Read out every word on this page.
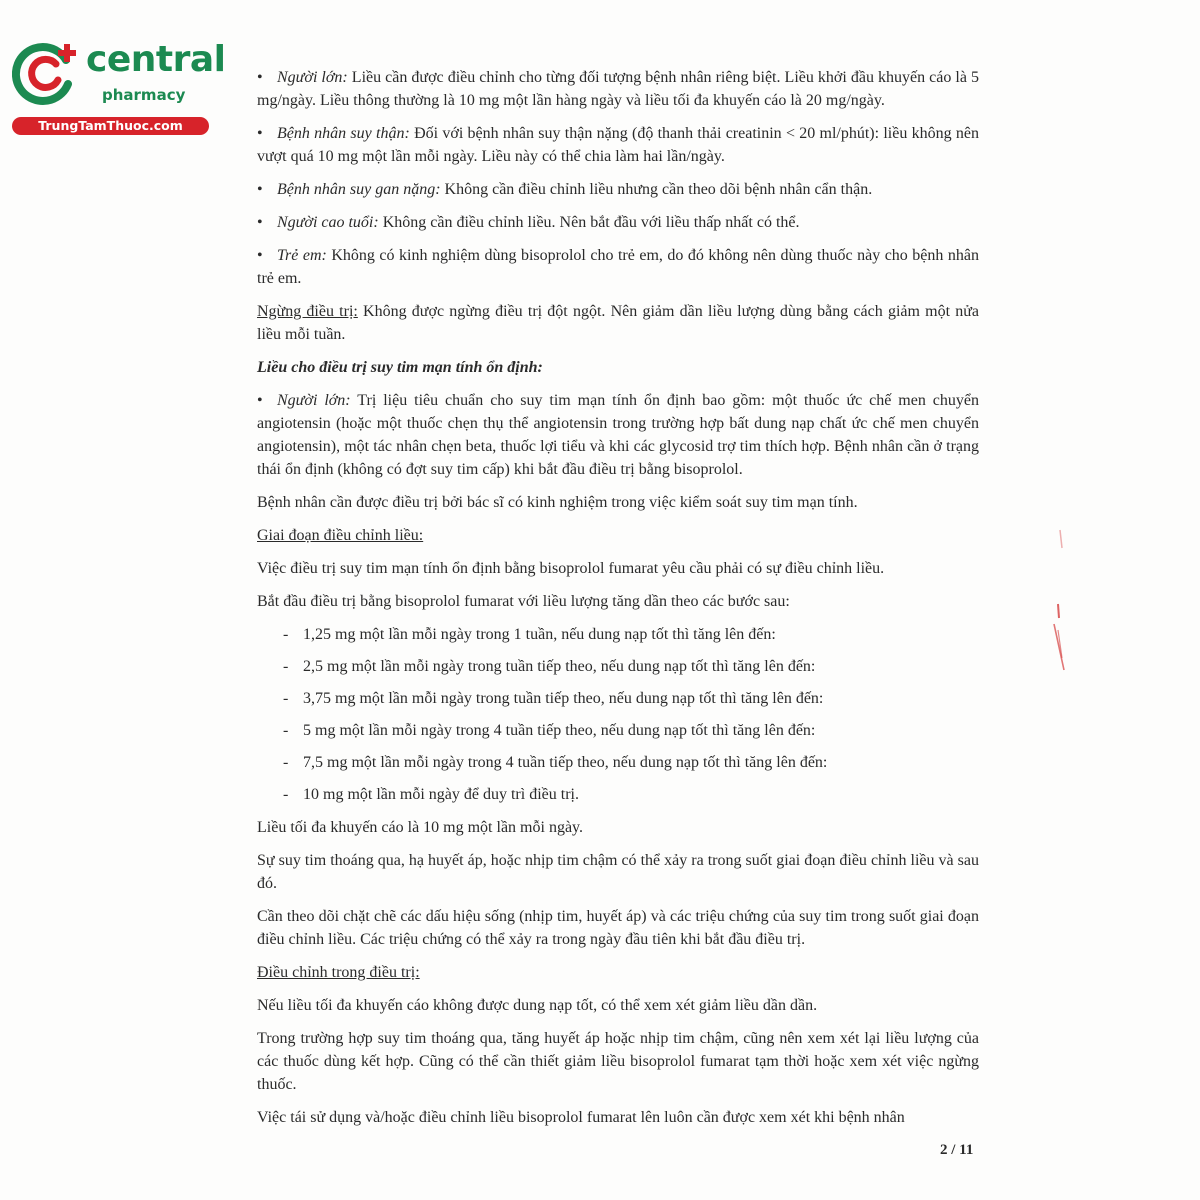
central
pharmacy
TrungTamThuoc.com

• Người lớn: Liều cần được điều chỉnh cho từng đối tượng bệnh nhân riêng biệt. Liều khởi đầu khuyến cáo là 5 mg/ngày. Liều thông thường là 10 mg một lần hàng ngày và liều tối đa khuyến cáo là 20 mg/ngày.

• Bệnh nhân suy thận: Đối với bệnh nhân suy thận nặng (độ thanh thải creatinin < 20 ml/phút): liều không nên vượt quá 10 mg một lần mỗi ngày. Liều này có thể chia làm hai lần/ngày.

• Bệnh nhân suy gan nặng: Không cần điều chỉnh liều nhưng cần theo dõi bệnh nhân cẩn thận.

• Người cao tuổi: Không cần điều chỉnh liều. Nên bắt đầu với liều thấp nhất có thể.

• Trẻ em: Không có kinh nghiệm dùng bisoprolol cho trẻ em, do đó không nên dùng thuốc này cho bệnh nhân trẻ em.

Ngừng điều trị: Không được ngừng điều trị đột ngột. Nên giảm dần liều lượng dùng bằng cách giảm một nửa liều mỗi tuần.

Liều cho điều trị suy tim mạn tính ổn định:

• Người lớn: Trị liệu tiêu chuẩn cho suy tim mạn tính ổn định bao gồm: một thuốc ức chế men chuyển angiotensin (hoặc một thuốc chẹn thụ thể angiotensin trong trường hợp bất dung nạp chất ức chế men chuyển angiotensin), một tác nhân chẹn beta, thuốc lợi tiểu và khi các glycosid trợ tim thích hợp. Bệnh nhân cần ở trạng thái ổn định (không có đợt suy tim cấp) khi bắt đầu điều trị bằng bisoprolol.

Bệnh nhân cần được điều trị bởi bác sĩ có kinh nghiệm trong việc kiểm soát suy tim mạn tính.

Giai đoạn điều chỉnh liều:

Việc điều trị suy tim mạn tính ổn định bằng bisoprolol fumarat yêu cầu phải có sự điều chỉnh liều.

Bắt đầu điều trị bằng bisoprolol fumarat với liều lượng tăng dần theo các bước sau:

- 1,25 mg một lần mỗi ngày trong 1 tuần, nếu dung nạp tốt thì tăng lên đến:
- 2,5 mg một lần mỗi ngày trong tuần tiếp theo, nếu dung nạp tốt thì tăng lên đến:
- 3,75 mg một lần mỗi ngày trong tuần tiếp theo, nếu dung nạp tốt thì tăng lên đến:
- 5 mg một lần mỗi ngày trong 4 tuần tiếp theo, nếu dung nạp tốt thì tăng lên đến:
- 7,5 mg một lần mỗi ngày trong 4 tuần tiếp theo, nếu dung nạp tốt thì tăng lên đến:
- 10 mg một lần mỗi ngày để duy trì điều trị.

Liều tối đa khuyến cáo là 10 mg một lần mỗi ngày.

Sự suy tim thoáng qua, hạ huyết áp, hoặc nhịp tim chậm có thể xảy ra trong suốt giai đoạn điều chỉnh liều và sau đó.

Cần theo dõi chặt chẽ các dấu hiệu sống (nhịp tim, huyết áp) và các triệu chứng của suy tim trong suốt giai đoạn điều chỉnh liều. Các triệu chứng có thể xảy ra trong ngày đầu tiên khi bắt đầu điều trị.

Điều chỉnh trong điều trị:

Nếu liều tối đa khuyến cáo không được dung nạp tốt, có thể xem xét giảm liều dần dần.

Trong trường hợp suy tim thoáng qua, tăng huyết áp hoặc nhịp tim chậm, cũng nên xem xét lại liều lượng của các thuốc dùng kết hợp. Cũng có thể cần thiết giảm liều bisoprolol fumarat tạm thời hoặc xem xét việc ngừng thuốc.

Việc tái sử dụng và/hoặc điều chỉnh liều bisoprolol fumarat lên luôn cần được xem xét khi bệnh nhân

2 / 11
